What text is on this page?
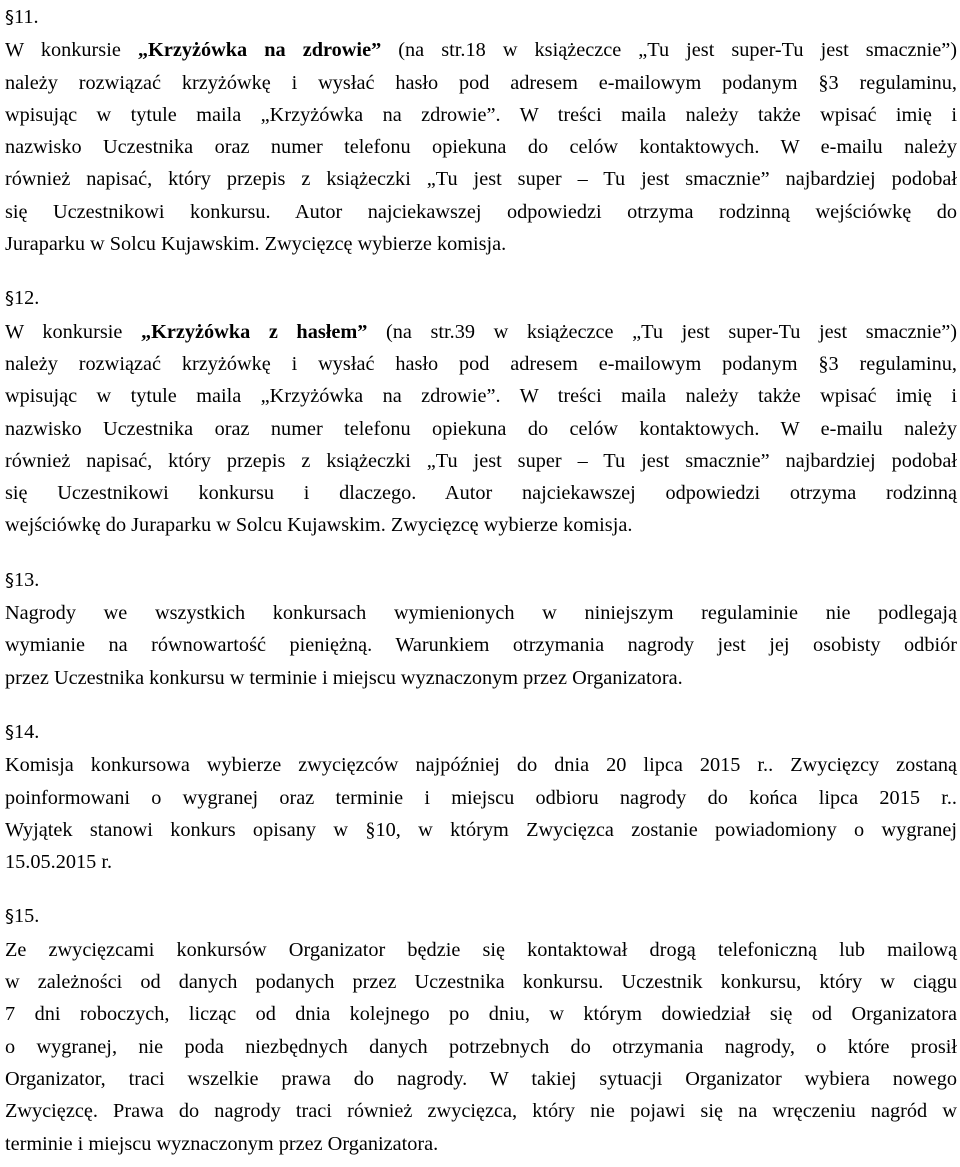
§11.
W konkursie „Krzyżówka na zdrowie” (na str.18 w książeczce „Tu jest super-Tu jest smacznie”)
należy rozwiązać krzyżówkę i wysłać hasło pod adresem e-mailowym podanym §3 regulaminu,
wpisując w tytule maila „Krzyżówka na zdrowie”. W treści maila należy także wpisać imię i
nazwisko Uczestnika oraz numer telefonu opiekuna do celów kontaktowych. W e-mailu należy
również napisać, który przepis z książeczki „Tu jest super – Tu jest smacznie” najbardziej podobał
się Uczestnikowi konkursu. Autor najciekawszej odpowiedzi otrzyma rodzinną wejściówkę do
Juraparku w Solcu Kujawskim. Zwycięzcę wybierze komisja.
§12.
W konkursie „Krzyżówka z hasłem” (na str.39 w książeczce „Tu jest super-Tu jest smacznie”)
należy rozwiązać krzyżówkę i wysłać hasło pod adresem e-mailowym podanym §3 regulaminu,
wpisując w tytule maila „Krzyżówka na zdrowie”. W treści maila należy także wpisać imię i
nazwisko Uczestnika oraz numer telefonu opiekuna do celów kontaktowych. W e-mailu należy
również napisać, który przepis z książeczki „Tu jest super – Tu jest smacznie” najbardziej podobał
się Uczestnikowi konkursu i dlaczego. Autor najciekawszej odpowiedzi otrzyma rodzinną
wejściówkę do Juraparku w Solcu Kujawskim. Zwycięzcę wybierze komisja.
§13.
Nagrody we wszystkich konkursach wymienionych w niniejszym regulaminie nie podlegają
wymianie na równowartość pieniężną. Warunkiem otrzymania nagrody jest jej osobisty odbiór
przez Uczestnika konkursu w terminie i miejscu wyznaczonym przez Organizatora.
§14.
Komisja konkursowa wybierze zwycięzców najpóźniej do dnia 20 lipca 2015 r.. Zwycięzcy zostaną
poinformowani o wygranej oraz terminie i miejscu odbioru nagrody do końca lipca 2015 r..
Wyjątek stanowi konkurs opisany w §10, w którym Zwycięzca zostanie powiadomiony o wygranej
15.05.2015 r.
§15.
Ze zwycięzcami konkursów Organizator będzie się kontaktował drogą telefoniczną lub mailową
w zależności od danych podanych przez Uczestnika konkursu. Uczestnik konkursu, który w ciągu
7 dni roboczych, licząc od dnia kolejnego po dniu, w którym dowiedział się od Organizatora
o wygranej, nie poda niezbędnych danych potrzebnych do otrzymania nagrody, o które prosił
Organizator, traci wszelkie prawa do nagrody. W takiej sytuacji Organizator wybiera nowego
Zwycięzcę. Prawa do nagrody traci również zwycięzca, który nie pojawi się na wręczeniu nagród w
terminie i miejscu wyznaczonym przez Organizatora.
